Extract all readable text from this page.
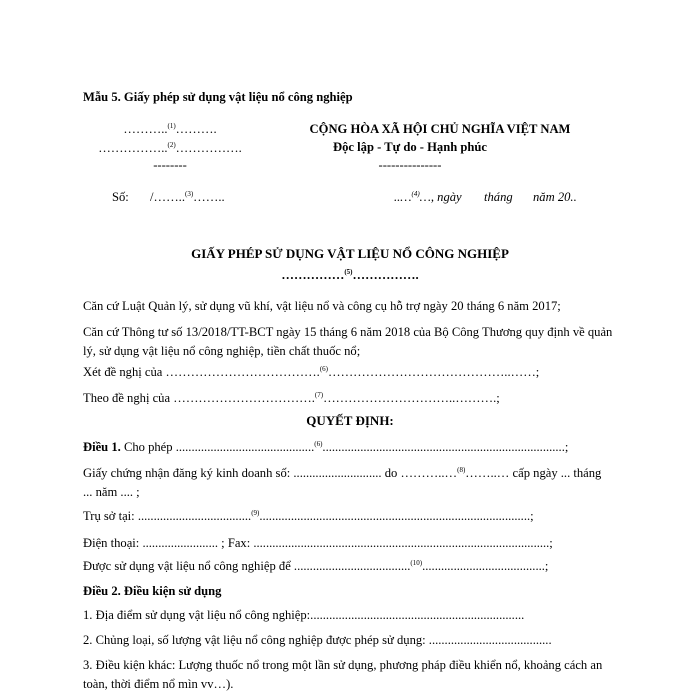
Mẫu 5. Giấy phép sử dụng vật liệu nổ công nghiệp
………..$^{(1)}$……….
……………..$^{(2)}$…………….
--------
CỘNG HÒA XÃ HỘI CHỦ NGHĨA VIỆT NAM
Độc lập - Tự do - Hạnh phúc
---------------
Số: /……..$^{(3)}$……..	..…$^{(4)}$…, ngày tháng năm 20..
GIẤY PHÉP SỬ DỤNG VẬT LIỆU NỔ CÔNG NGHIỆP
……………$^{(5)}$…………….
Căn cứ Luật Quản lý, sử dụng vũ khí, vật liệu nổ và công cụ hỗ trợ ngày 20 tháng 6 năm 2017;
Căn cứ Thông tư số 13/2018/TT-BCT ngày 15 tháng 6 năm 2018 của Bộ Công Thương quy định về quản lý, sử dụng vật liệu nổ công nghiệp, tiền chất thuốc nổ;
Xét đề nghị của ……………………………….$^{(6)}$……………………………………..……;
Theo đề nghị của …………………………….$^{(7)}$…………………………..……….;
QUYẾT ĐỊNH:
Điều 1. Cho phép ............................................$^{(6)}$.............................................................................;
Giấy chứng nhận đăng ký kinh doanh số: ............................ do ………..…$^{(8)}$……..… cấp ngày ... tháng ... năm .... ;
Trụ sở tại: ....................................$^{(9)}$......................................................................................;
Điện thoại: ........................ ; Fax: ..............................................................................................;
Được sử dụng vật liệu nổ công nghiệp để .....................................$^{(10)}$.......................................;
Điều 2. Điều kiện sử dụng
1. Địa điểm sử dụng vật liệu nổ công nghiệp:....................................................................
2. Chủng loại, số lượng vật liệu nổ công nghiệp được phép sử dụng: .......................................
3. Điều kiện khác: Lượng thuốc nổ trong một lần sử dụng, phương pháp điều khiển nổ, khoảng cách an toàn, thời điểm nổ mìn vv…).
